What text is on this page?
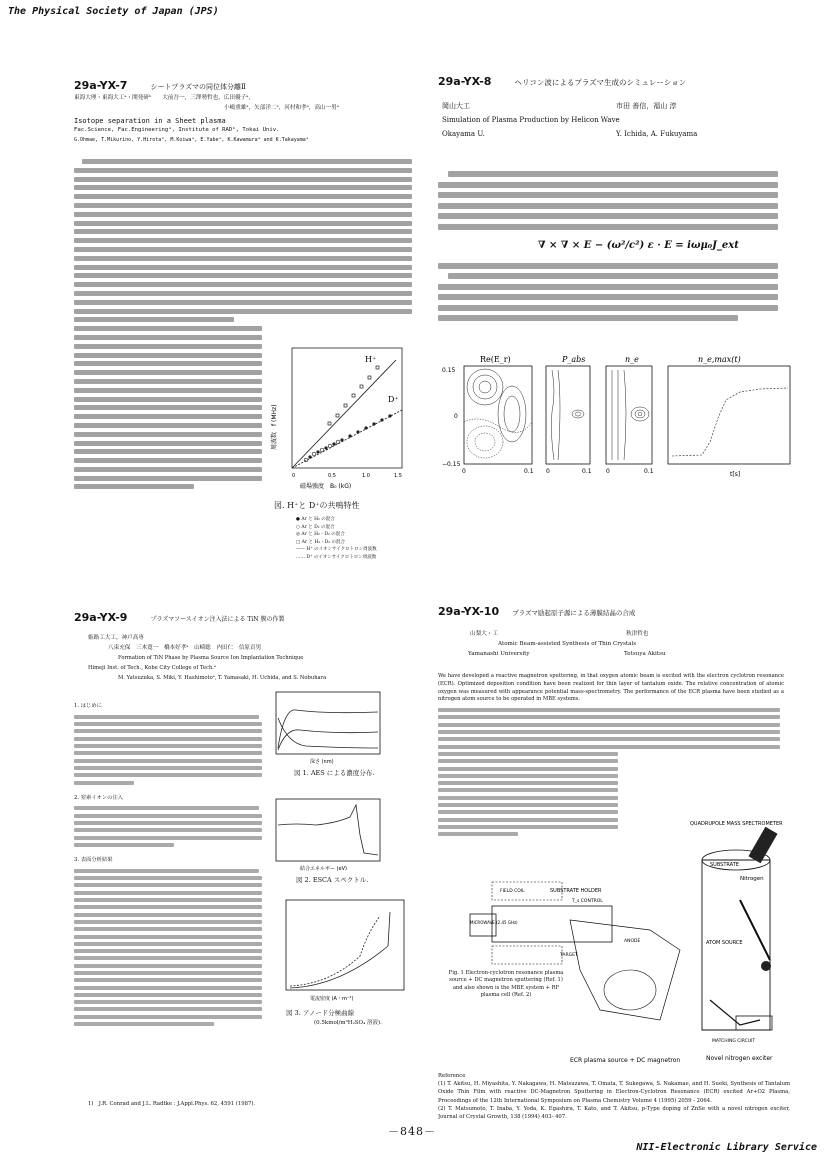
The Physical Society of Japan (JPS)
29a-YX-7	シートプラズマの同位体分離Ⅱ
東海大理・東海大工ᵃ・開発研ᵇ　　大前吾一，三澤勢哲也，広田優子ᵃ，
小嶋重雄ᵃ，矢部洋二ᵃ，河村和孝ᵃ，高山一男ᵃ
Isotope separation in a Sheet plasma
Fac.Science, Fac.Engineeringᵃ, Institute of RADᵇ, Tokai Univ.
G.Ohmae, T.Mikurino, Y.Hirotaᵃ, M.Koiwaᵃ, E.Yabeᵃ, K.Kawamuraᵃ and K.Takayamaᵃ
H⁺
D⁺
0	0.5	1.0	1.5
磁場強度　B₀ (kG)
周波数　f (MHz)
図. H⁺と D⁺の共鳴特性
● Ar と H₂ の混合
○ Ar と D₂ の混合
◎ Ar と H₂・D₂ の混合
□ Ar と H₂・D₂ の混合
—— H⁺ のイオンサイクロトロン周波数
…… D⁺ のイオンサイクロトロン周波数
29a-YX-8	ヘリコン波によるプラズマ生成のシミュレーション
岡山大工	市田 善信，福山 淳
Simulation of Plasma Production by Helicon Wave
Okayama U.	Y. Ichida, A. Fukuyama
∇ × ∇ × E − (ω²/c²) ε · E = iωμ₀J_ext
Re(E_r)	P_abs	n_e	n_e,max(t)
0.15
0
−0.15
0	0.1 0	0.1 0	0.1	t[s]
29a-YX-9	プラズマソースイオン注入法による TiN 膜の作製
姫路工大工，神戸高専
八束充保　三木寛一　橋本好孝ᵃ　山崎聡　内田仁　信原貞男
Formation of TiN Phase by Plasma Source Ion Implantation Technique
Himeji Inst. of Tech., Kobe City College of Tech.ᵃ
M. Yatsuzuka, S. Miki, Y. Hashimotoᵃ, T. Yamasaki, H. Uchida, and S. Nobuhara
1. はじめに
2. 窒素イオンの注入
3. 表面分析結果
1)　J.R. Conrad and J.L. Radtke : J.Appl.Phys. 62, 4591 (1987).
深さ (nm)
図 1. AES による濃度分布.
結合エネルギー (eV)
図 2. ESCA スペクトル.
電流密度 (A・m⁻²)
図 3. アノード分極曲線
(0.5kmol/m³H₂SO₄ 溶液).
29a-YX-10 プラズマ励起原子源による薄膜結晶の合成
山梨大・工	秋津哲也
Atomic Beam-assisted Synthesis of Thin Crystals
Yamanashi University	Tetsuya Akitsu
We have developed a reactive magnetron sputtering, in that oxygen atomic beam is excited with the electron cyclotron resonance (ECR). Optimized deposition condition have been realized for thin layer of tantalum oxide. The relative concentration of atomic oxygen was measured with appearance potential mass-spectrometry. The performance of the ECR plasma have been studied as a nitrogen atom source to be operated in MBE systems.
QUADRUPOLE MASS SPECTROMETER
SUBSTRATE
Nitrogen
ATOM SOURCE
MATCHING CIRCUIT
Novel nitrogen exciter
SUBSTRATE HOLDER
T_s CONTROL
FIELD COIL
MICROWAVE (2.45 GHz)
ANODE
TARGET
ECR plasma source + DC magnetron
Fig. 1 Electron-cyclotron resonance plasma source + DC magnetron sputtering (Ref. 1) and also shown is the MBE system + RF plasma cell (Ref. 2)
Reference
(1) T. Akitsu, H. Miyashita, Y. Nakagawa, H. Matsuzawa, T. Omata, T. Sukegawa, S. Nakamae, and H. Sueki, Synthesis of Tantalum Oxide Thin Film with reactive DC-Magnetron Sputtering in Electron-Cyclotron Resonance (ECR) excited Ar+O2 Plasma, Proceedings of the 12th International Symposium on Plasma Chemistry Volume 4 (1995) 2059 - 2064.
(2) T. Matsumoto, T. Inaba, Y. Yoda, K. Egashira, T. Kato, and T. Akitsu, p-Type doping of ZnSe with a novel nitrogen exciter, Journal of Crystal Growth, 138 (1994) 403- 407.
－848－
NII-Electronic Library Service
